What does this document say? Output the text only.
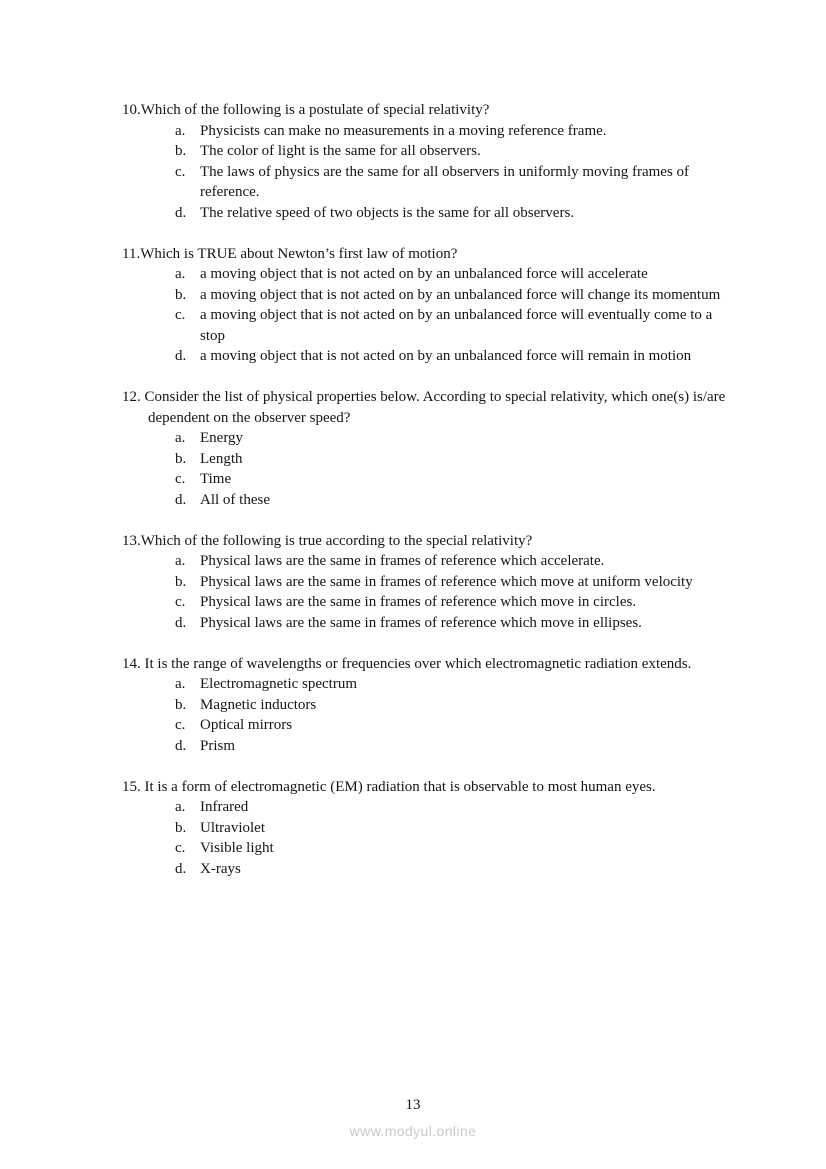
10.Which of the following is a postulate of special relativity?

a. Physicists can make no measurements in a moving reference frame.
b. The color of light is the same for all observers.
c. The laws of physics are the same for all observers in uniformly moving frames of reference.
d. The relative speed of two objects is the same for all observers.

11.Which is TRUE about Newton’s first law of motion?

a. a moving object that is not acted on by an unbalanced force will accelerate
b. a moving object that is not acted on by an unbalanced force will change its momentum
c. a moving object that is not acted on by an unbalanced force will eventually come to a stop
d. a moving object that is not acted on by an unbalanced force will remain in motion

12. Consider the list of physical properties below. According to special relativity, which one(s) is/are dependent on the observer speed?

a. Energy
b. Length
c. Time
d. All of these

13.Which of the following is true according to the special relativity?

a. Physical laws are the same in frames of reference which accelerate.
b. Physical laws are the same in frames of reference which move at uniform velocity
c. Physical laws are the same in frames of reference which move in circles.
d. Physical laws are the same in frames of reference which move in ellipses.

14. It is the range of wavelengths or frequencies over which electromagnetic radiation extends.

a. Electromagnetic spectrum
b. Magnetic inductors
c. Optical mirrors
d. Prism

15. It is a form of electromagnetic (EM) radiation that is observable to most human eyes.

a. Infrared
b. Ultraviolet
c. Visible light
d. X-rays
13
www.modyul.online
